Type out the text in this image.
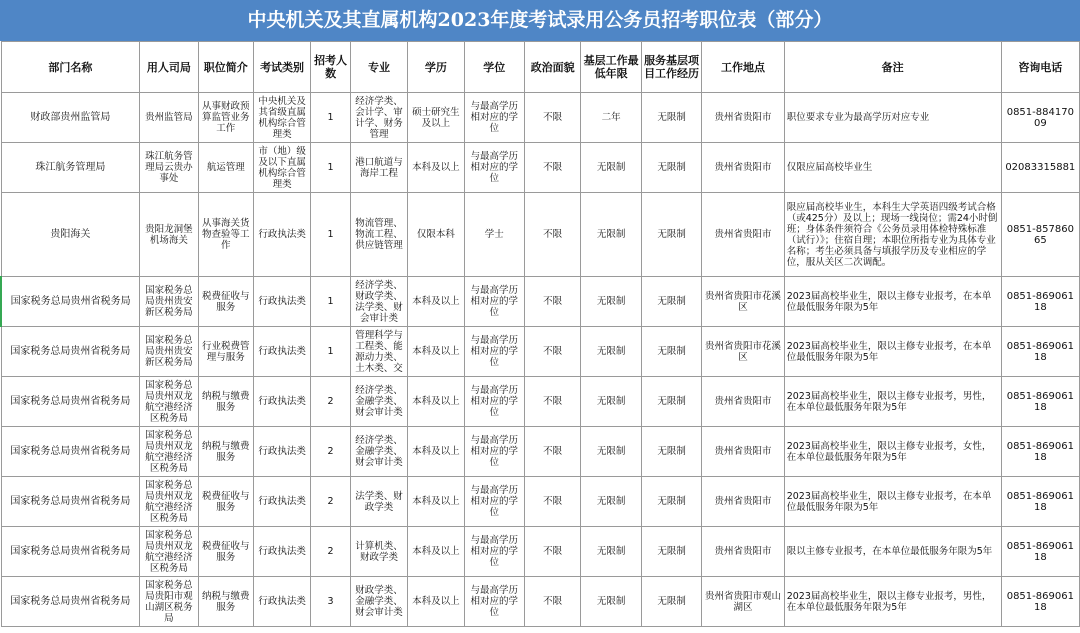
中央机关及其直属机构2023年度考试录用公务员招考职位表（部分）
部门名称	用人司局	职位简介	考试类别	招考人数	专业	学历	学位	政治面貌	基层工作最低年限	服务基层项目工作经历	工作地点	备注	咨询电话
财政部贵州监管局	贵州监管局	从事财政预算监管业务工作	中央机关及其省级直属机构综合管理类	1	经济学类、会计学、审计学、财务管理	硕士研究生及以上	与最高学历相对应的学位	不限	二年	无限制	贵州省贵阳市	职位要求专业为最高学历对应专业	0851-88417009
珠江航务管理局	珠江航务管理局云贵办事处	航运管理	市（地）级及以下直属机构综合管理类	1	港口航道与海岸工程	本科及以上	与最高学历相对应的学位	不限	无限制	无限制	贵州省贵阳市	仅限应届高校毕业生	02083315881
贵阳海关	贵阳龙洞堡机场海关	从事海关货物查验等工作	行政执法类	1	物流管理、物流工程、供应链管理	仅限本科	学士	不限	无限制	无限制	贵州省贵阳市	限应届高校毕业生，本科生大学英语四级考试合格（或425分）及以上；现场一线岗位；需24小时倒班；身体条件须符合《公务员录用体检特殊标准（试行）》；住宿自理；本职位所指专业为具体专业名称；考生必须具备与填报学历及专业相应的学位，服从关区二次调配。	0851-85786065
国家税务总局贵州省税务局	国家税务总局贵州贵安新区税务局	税费征收与服务	行政执法类	1	经济学类、财政学类、法学类、财会审计类	本科及以上	与最高学历相对应的学位	不限	无限制	无限制	贵州省贵阳市花溪区	2023届高校毕业生，限以主修专业报考，在本单位最低服务年限为5年	0851-86906118
国家税务总局贵州省税务局	国家税务总局贵州贵安新区税务局	行业税费管理与服务	行政执法类	1	管理科学与工程类、能源动力类、土木类、交	本科及以上	与最高学历相对应的学位	不限	无限制	无限制	贵州省贵阳市花溪区	2023届高校毕业生，限以主修专业报考，在本单位最低服务年限为5年	0851-86906118
国家税务总局贵州省税务局	国家税务总局贵州双龙航空港经济区税务局	纳税与缴费服务	行政执法类	2	经济学类、金融学类、财会审计类	本科及以上	与最高学历相对应的学位	不限	无限制	无限制	贵州省贵阳市	2023届高校毕业生，限以主修专业报考，男性，在本单位最低服务年限为5年	0851-86906118
国家税务总局贵州省税务局	国家税务总局贵州双龙航空港经济区税务局	纳税与缴费服务	行政执法类	2	经济学类、金融学类、财会审计类	本科及以上	与最高学历相对应的学位	不限	无限制	无限制	贵州省贵阳市	2023届高校毕业生，限以主修专业报考，女性，在本单位最低服务年限为5年	0851-86906118
国家税务总局贵州省税务局	国家税务总局贵州双龙航空港经济区税务局	税费征收与服务	行政执法类	2	法学类、财政学类	本科及以上	与最高学历相对应的学位	不限	无限制	无限制	贵州省贵阳市	2023届高校毕业生，限以主修专业报考，在本单位最低服务年限为5年	0851-86906118
国家税务总局贵州省税务局	国家税务总局贵州双龙航空港经济区税务局	税费征收与服务	行政执法类	2	计算机类、财政学类	本科及以上	与最高学历相对应的学位	不限	无限制	无限制	贵州省贵阳市	限以主修专业报考，在本单位最低服务年限为5年	0851-86906118
国家税务总局贵州省税务局	国家税务总局贵阳市观山湖区税务局	纳税与缴费服务	行政执法类	3	财政学类、金融学类、财会审计类	本科及以上	与最高学历相对应的学位	不限	无限制	无限制	贵州省贵阳市观山湖区	2023届高校毕业生，限以主修专业报考，男性，在本单位最低服务年限为5年	0851-86906118
